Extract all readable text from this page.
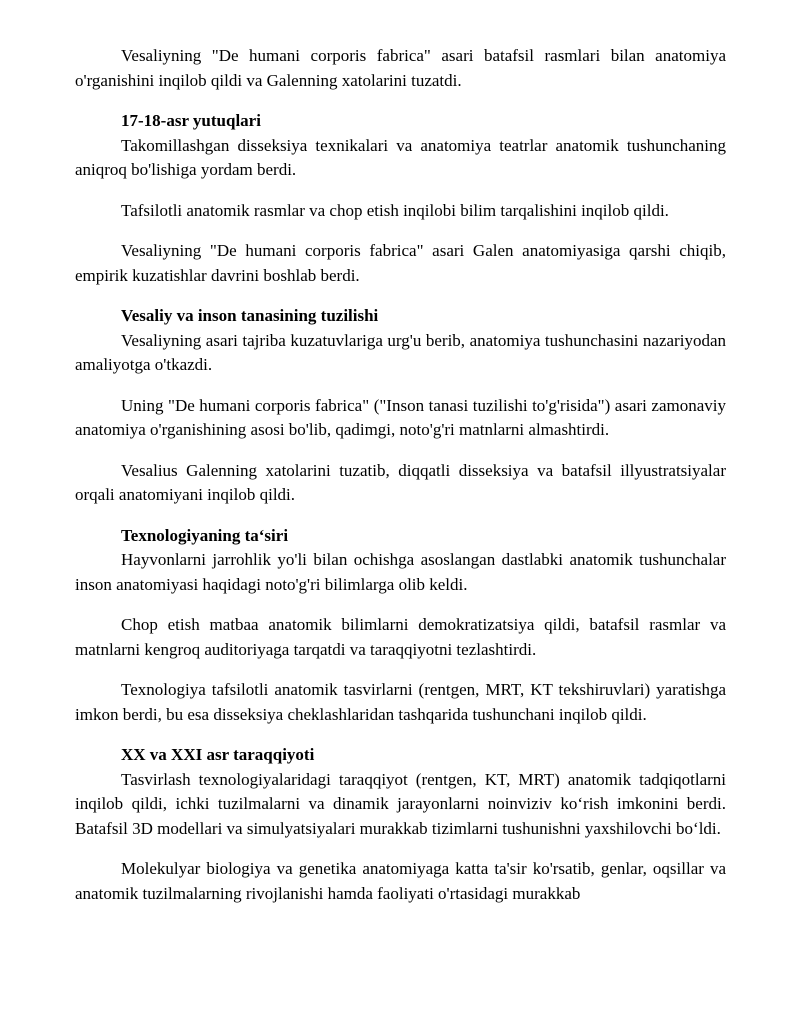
Vesaliyning "De humani corporis fabrica" asari batafsil rasmlari bilan anatomiya o'rganishini inqilob qildi va Galenning xatolarini tuzatdi.

17-18-asr yutuqlari

Takomillashgan disseksiya texnikalari va anatomiya teatrlar anatomik tushunchaning aniqroq bo'lishiga yordam berdi.

Tafsilotli anatomik rasmlar va chop etish inqilobi bilim tarqalishini inqilob qildi.

Vesaliyning "De humani corporis fabrica" asari Galen anatomiyasiga qarshi chiqib, empirik kuzatishlar davrini boshlab berdi.

Vesaliy va inson tanasining tuzilishi

Vesaliyning asari tajriba kuzatuvlariga urg'u berib, anatomiya tushunchasini nazariyodan amaliyotga o'tkazdi.

Uning "De humani corporis fabrica" ("Inson tanasi tuzilishi to'g'risida") asari zamonaviy anatomiya o'rganishining asosi bo'lib, qadimgi, noto'g'ri matnlarni almashtirdi.

Vesalius Galenning xatolarini tuzatib, diqqatli disseksiya va batafsil illyustratsiyalar orqali anatomiyani inqilob qildi.

Texnologiyaning taʻsiri

Hayvonlarni jarrohlik yo'li bilan ochishga asoslangan dastlabki anatomik tushunchalar inson anatomiyasi haqidagi noto'g'ri bilimlarga olib keldi.

Chop etish matbaa anatomik bilimlarni demokratizatsiya qildi, batafsil rasmlar va matnlarni kengroq auditoriyaga tarqatdi va taraqqiyotni tezlashtirdi.

Texnologiya tafsilotli anatomik tasvirlarni (rentgen, MRT, KT tekshiruvlari) yaratishga imkon berdi, bu esa disseksiya cheklashlaridan tashqarida tushunchani inqilob qildi.

XX va XXI asr taraqqiyoti

Tasvirlash texnologiyalaridagi taraqqiyot (rentgen, KT, MRT) anatomik tadqiqotlarni inqilob qildi, ichki tuzilmalarni va dinamik jarayonlarni noinviziv koʻrish imkonini berdi. Batafsil 3D modellari va simulyatsiyalari murakkab tizimlarni tushunishni yaxshilovchi boʻldi.

Molekulyar biologiya va genetika anatomiyaga katta ta'sir ko'rsatib, genlar, oqsillar va anatomik tuzilmalarning rivojlanishi hamda faoliyati o'rtasidagi murakkab
